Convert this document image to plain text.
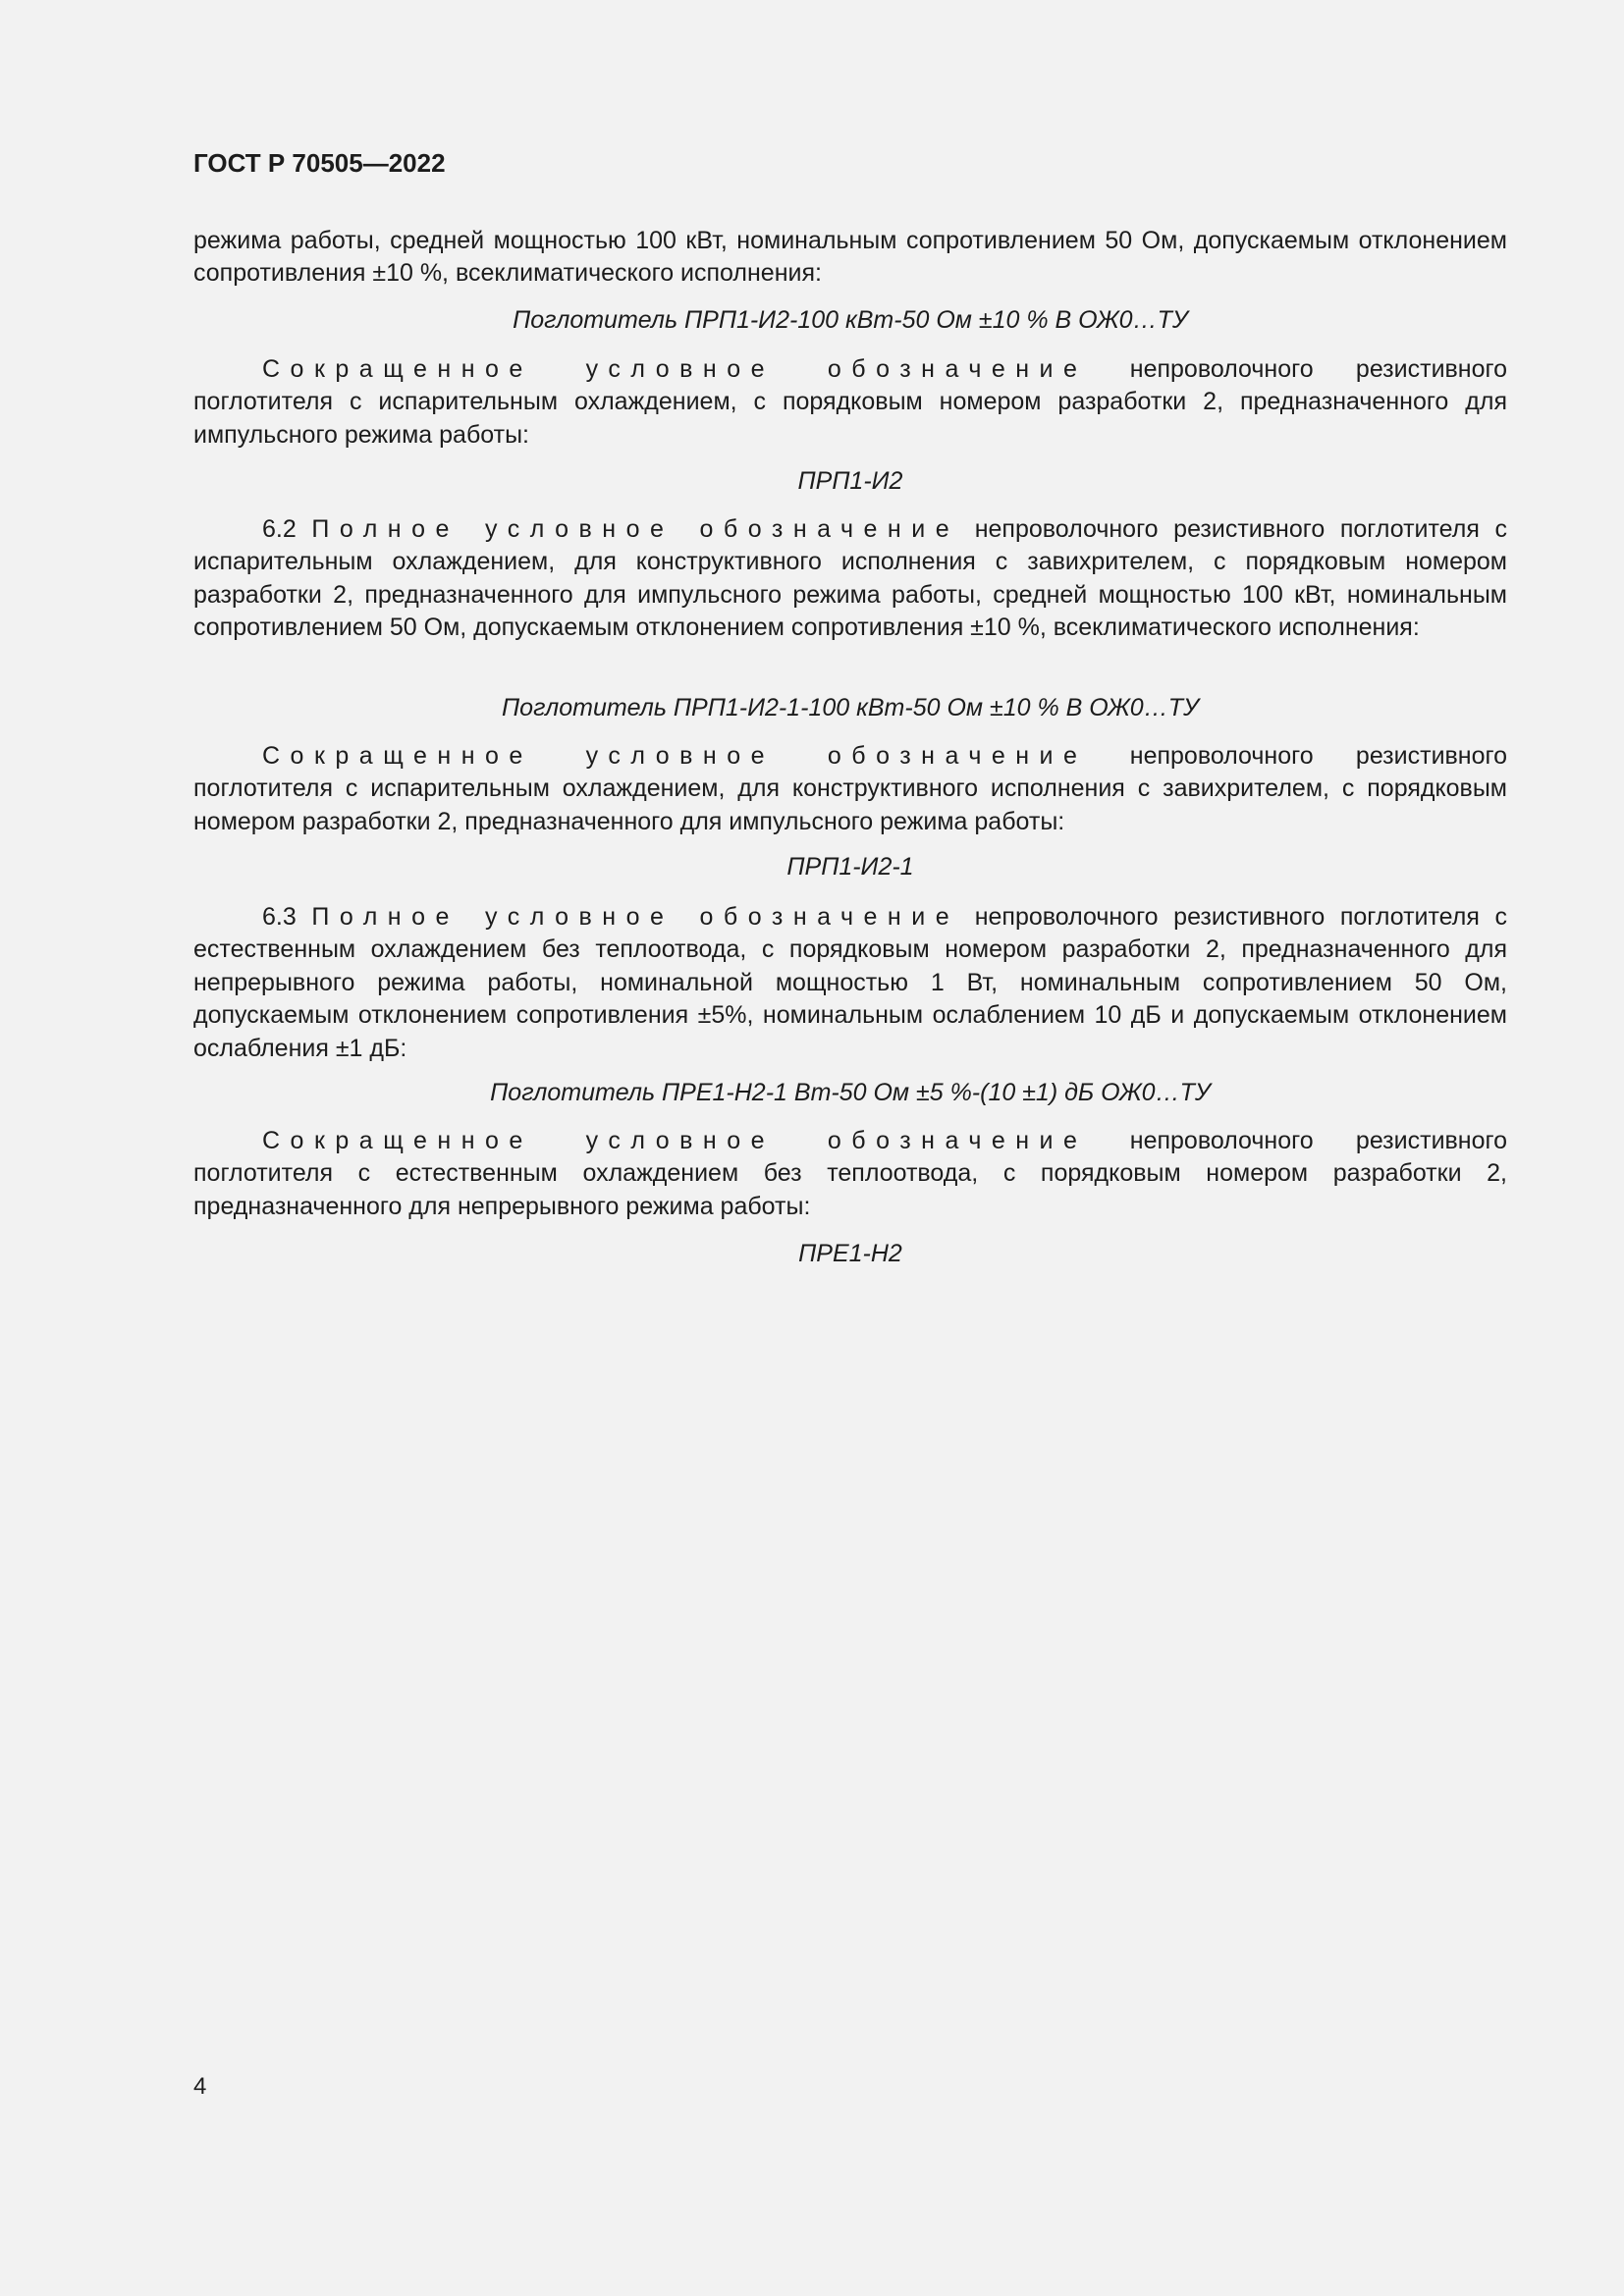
ГОСТ Р 70505—2022
режима работы, средней мощностью 100 кВт, номинальным сопротивлением 50 Ом, допускаемым отклонением сопротивления ±10 %, всеклиматического исполнения:
Поглотитель ПРП1-И2-100 кВт-50 Ом ±10 % В ОЖ0…ТУ
Сокращенное условное обозначение непроволочного резистивного поглотителя с испарительным охлаждением, с порядковым номером разработки 2, предназначенного для импульсного режима работы:
ПРП1-И2
6.2 Полное условное обозначение непроволочного резистивного поглотителя с испарительным охлаждением, для конструктивного исполнения с завихрителем, с порядковым номером разработки 2, предназначенного для импульсного режима работы, средней мощностью 100 кВт, номинальным сопротивлением 50 Ом, допускаемым отклонением сопротивления ±10 %, всеклиматического исполнения:
Поглотитель ПРП1-И2-1-100 кВт-50 Ом ±10 % В ОЖ0…ТУ
Сокращенное условное обозначение непроволочного резистивного поглотителя с испарительным охлаждением, для конструктивного исполнения с завихрителем, с порядковым номером разработки 2, предназначенного для импульсного режима работы:
ПРП1-И2-1
6.3 Полное условное обозначение непроволочного резистивного поглотителя с естественным охлаждением без теплоотвода, с порядковым номером разработки 2, предназначенного для непрерывного режима работы, номинальной мощностью 1 Вт, номинальным сопротивлением 50 Ом, допускаемым отклонением сопротивления ±5%, номинальным ослаблением 10 дБ и допускаемым отклонением ослабления ±1 дБ:
Поглотитель ПРЕ1-Н2-1 Вт-50 Ом ±5 %-(10 ±1) дБ ОЖ0…ТУ
Сокращенное условное обозначение непроволочного резистивного поглотителя с естественным охлаждением без теплоотвода, с порядковым номером разработки 2, предназначенного для непрерывного режима работы:
ПРЕ1-Н2
4
